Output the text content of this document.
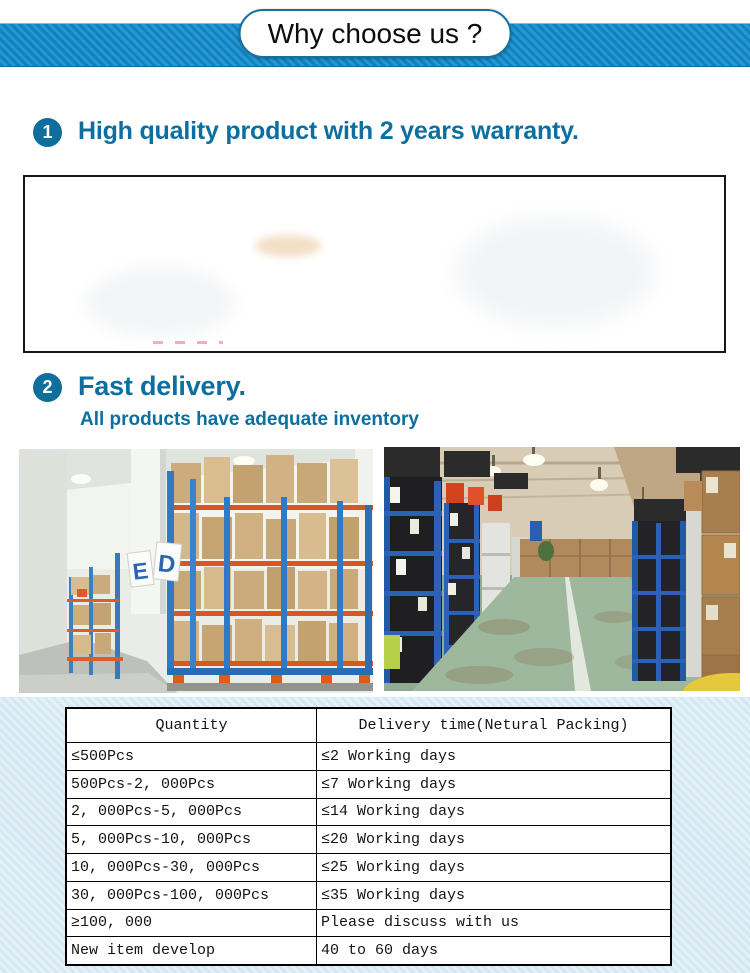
Why choose us ?
1	High quality product with 2 years warranty.
2 Fast delivery.
All products have adequate inventory
E D
Quantity	Delivery time(Netural Packing)
≤500Pcs	≤2 Working days
500Pcs-2, 000Pcs	≤7 Working days
2, 000Pcs-5, 000Pcs	≤14 Working days
5, 000Pcs-10, 000Pcs	≤20 Working days
10, 000Pcs-30, 000Pcs	≤25 Working days
30, 000Pcs-100, 000Pcs	≤35 Working days
≥100, 000	Please discuss with us
New item develop	40 to 60 days
